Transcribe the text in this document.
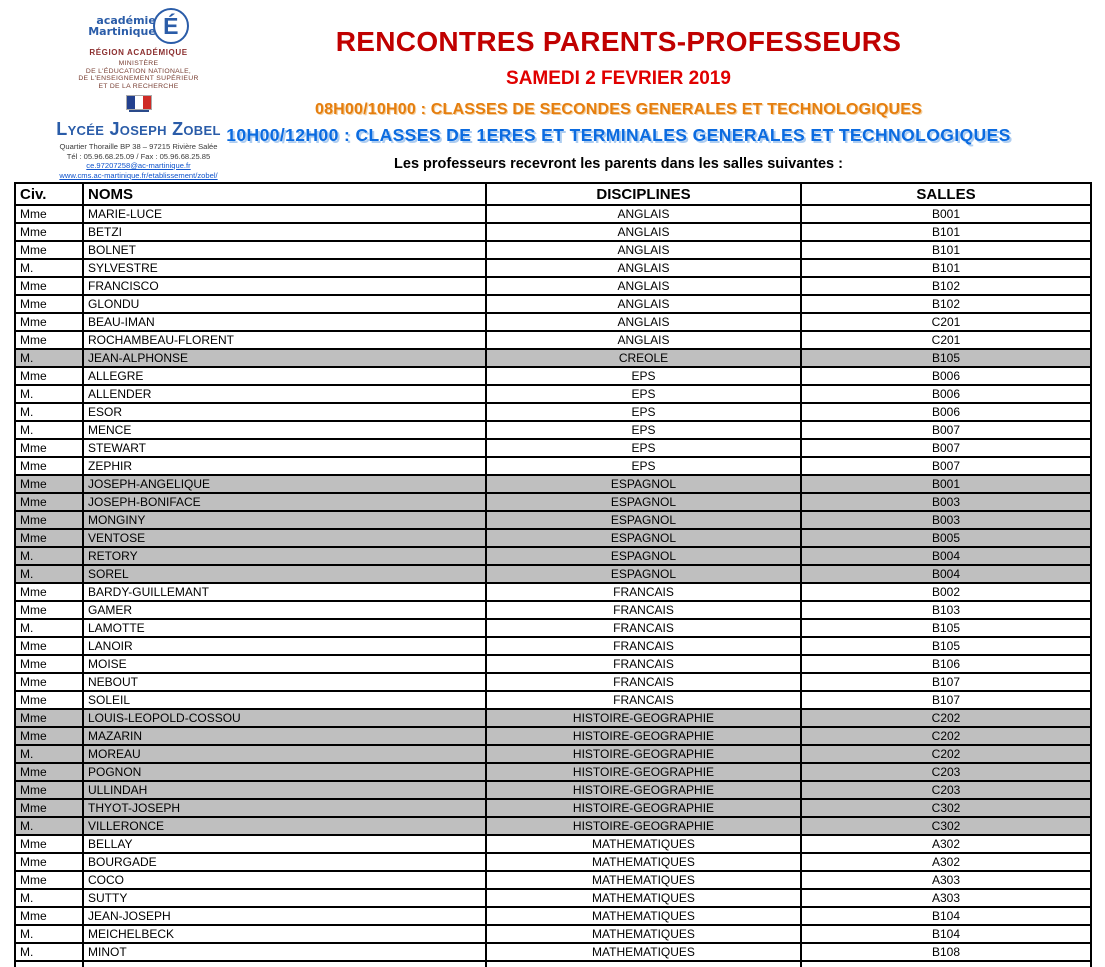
académie
Martinique É
RÉGION ACADÉMIQUE
MINISTÈRE
DE L'ÉDUCATION NATIONALE,
DE L'ENSEIGNEMENT SUPÉRIEUR
ET DE LA RECHERCHE
Lycée Joseph Zobel
Quartier Thoraille BP 38 – 97215 Rivière Salée
Tél : 05.96.68.25.09 / Fax : 05.96.68.25.85
ce.97207258@ac-martinique.fr
www.cms.ac-martinique.fr/etablissement/zobel/
RENCONTRES PARENTS-PROFESSEURS
SAMEDI 2 FEVRIER 2019
08H00/10H00 : CLASSES DE SECONDES GENERALES ET TECHNOLOGIQUES
10H00/12H00 : CLASSES DE 1ERES ET TERMINALES GENERALES ET TECHNOLOGIQUES
Les professeurs recevront les parents dans les salles suivantes :
Civ.	NOMS	DISCIPLINES	SALLES
Mme	MARIE-LUCE	ANGLAIS	B001
Mme	BETZI	ANGLAIS	B101
Mme	BOLNET	ANGLAIS	B101
M.	SYLVESTRE	ANGLAIS	B101
Mme	FRANCISCO	ANGLAIS	B102
Mme	GLONDU	ANGLAIS	B102
Mme	BEAU-IMAN	ANGLAIS	C201
Mme	ROCHAMBEAU-FLORENT	ANGLAIS	C201
M.	JEAN-ALPHONSE	CREOLE	B105
Mme	ALLEGRE	EPS	B006
M.	ALLENDER	EPS	B006
M.	ESOR	EPS	B006
M.	MENCE	EPS	B007
Mme	STEWART	EPS	B007
Mme	ZEPHIR	EPS	B007
Mme	JOSEPH-ANGELIQUE	ESPAGNOL	B001
Mme	JOSEPH-BONIFACE	ESPAGNOL	B003
Mme	MONGINY	ESPAGNOL	B003
Mme	VENTOSE	ESPAGNOL	B005
M.	RETORY	ESPAGNOL	B004
M.	SOREL	ESPAGNOL	B004
Mme	BARDY-GUILLEMANT	FRANCAIS	B002
Mme	GAMER	FRANCAIS	B103
M.	LAMOTTE	FRANCAIS	B105
Mme	LANOIR	FRANCAIS	B105
Mme	MOISE	FRANCAIS	B106
Mme	NEBOUT	FRANCAIS	B107
Mme	SOLEIL	FRANCAIS	B107
Mme	LOUIS-LEOPOLD-COSSOU	HISTOIRE-GEOGRAPHIE	C202
Mme	MAZARIN	HISTOIRE-GEOGRAPHIE	C202
M.	MOREAU	HISTOIRE-GEOGRAPHIE	C202
Mme	POGNON	HISTOIRE-GEOGRAPHIE	C203
Mme	ULLINDAH	HISTOIRE-GEOGRAPHIE	C203
Mme	THYOT-JOSEPH	HISTOIRE-GEOGRAPHIE	C302
M.	VILLERONCE	HISTOIRE-GEOGRAPHIE	C302
Mme	BELLAY	MATHEMATIQUES	A302
Mme	BOURGADE	MATHEMATIQUES	A302
Mme	COCO	MATHEMATIQUES	A303
M.	SUTTY	MATHEMATIQUES	A303
Mme	JEAN-JOSEPH	MATHEMATIQUES	B104
M.	MEICHELBECK	MATHEMATIQUES	B104
M.	MINOT	MATHEMATIQUES	B108
